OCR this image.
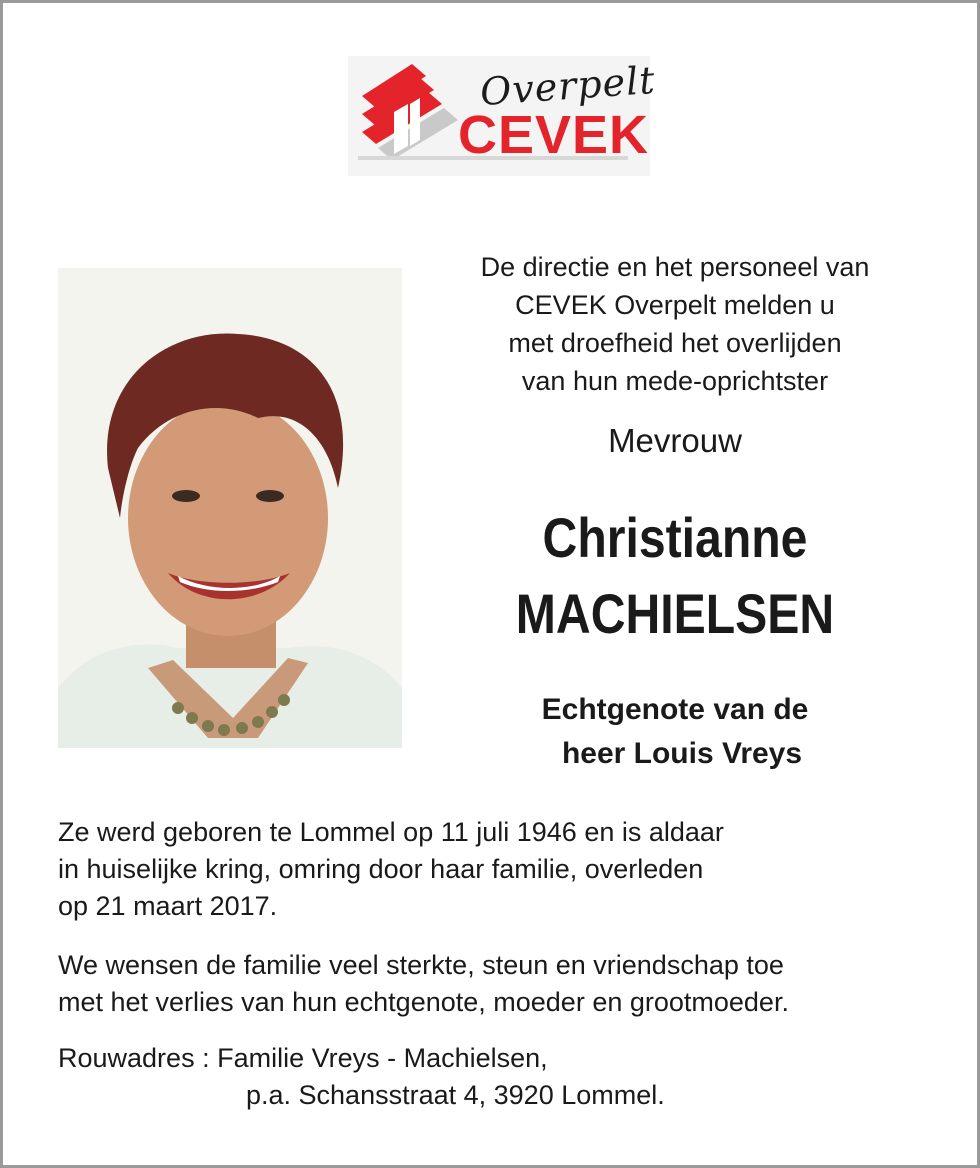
Overpelt
CEVEK

De directie en het personeel van

CEVEK Overpelt melden u

met droefheid het overlijden

van hun mede-oprichtster

Mevrouw

Christianne

MACHIELSEN

Echtgenote van de

heer Louis Vreys

Ze werd geboren te Lommel op 11 juli 1946 en is aldaar

in huiselijke kring, omring door haar familie, overleden

op 21 maart 2017.

We wensen de familie veel sterkte, steun en vriendschap toe

met het verlies van hun echtgenote, moeder en grootmoeder.

Rouwadres : Familie Vreys - Machielsen,

p.a. Schansstraat 4, 3920 Lommel.
